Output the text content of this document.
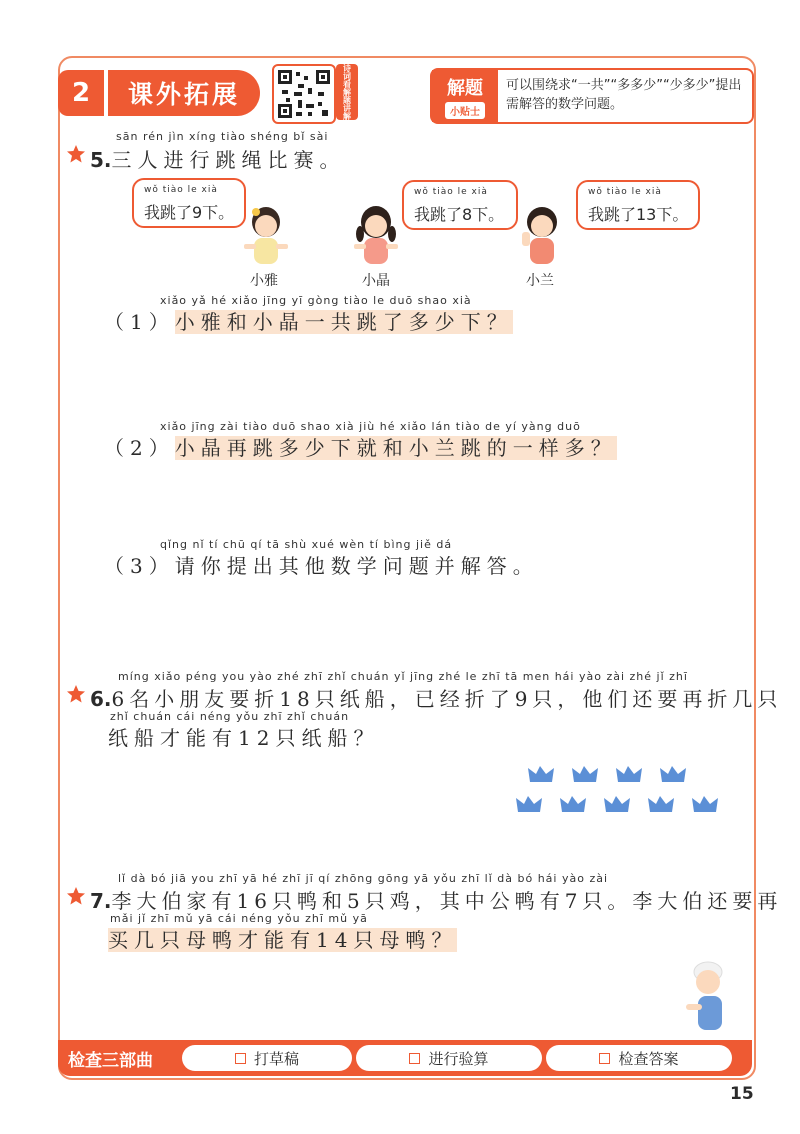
2	课外拓展	诗词看解题讲解	解题
小贴士
可以围绕求“一共”“多多少”“少多少”提出需解答的数学问题。
sān rén jìn xíng tiào shéng bǐ sài
5.三人进行跳绳比赛。
wǒ tiào le xià
我跳了9下。
wǒ tiào le xià
我跳了8下。
wǒ tiào le xià
我跳了13下。
小雅	小晶	小兰
xiǎo yǎ hé xiǎo jīng yī gòng tiào le duō shao xià
（1）小雅和小晶一共跳了多少下？
xiǎo jīng zài tiào duō shao xià jiù hé xiǎo lán tiào de yí yàng duō
（2）小晶再跳多少下就和小兰跳的一样多？
qǐng nǐ tí chū qí tā shù xué wèn tí bìng jiě dá
（3）请你提出其他数学问题并解答。
míng xiǎo péng you yào zhé zhī zhǐ chuán yǐ jīng zhé le zhī tā men hái yào zài zhé jǐ zhī
6.6名小朋友要折18只纸船，已经折了9只，他们还要再折几只
zhǐ chuán cái néng yǒu zhī zhǐ chuán
纸船才能有12只纸船？
lǐ dà bó jiā you zhī yā hé zhī jī qí zhōng gōng yā yǒu zhī lǐ dà bó hái yào zài
7.李大伯家有16只鸭和5只鸡，其中公鸭有7只。李大伯还要再
mǎi jǐ zhī mǔ yā cái néng yǒu zhī mǔ yā
买几只母鸭才能有14只母鸭？
检查三部曲	打草稿	进行验算	检查答案
15
